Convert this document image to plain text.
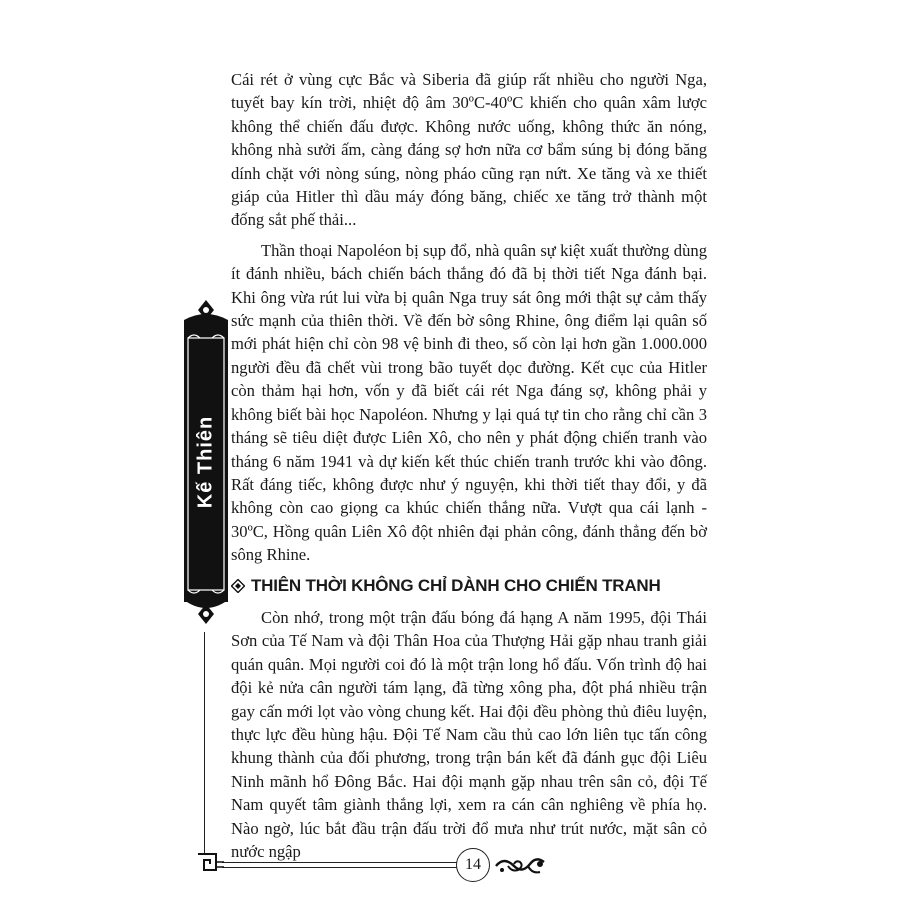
Kế Thiên

Cái rét ở vùng cực Bắc và Siberia đã giúp rất nhiều cho người Nga, tuyết bay kín trời, nhiệt độ âm 30ºC-40ºC khiến cho quân xâm lược không thể chiến đấu được. Không nước uống, không thức ăn nóng, không nhà sưởi ấm, càng đáng sợ hơn nữa cơ bẩm súng bị đóng băng dính chặt với nòng súng, nòng pháo cũng rạn nứt. Xe tăng và xe thiết giáp của Hitler thì dầu máy đóng băng, chiếc xe tăng trở thành một đống sắt phế thải...

Thần thoại Napoléon bị sụp đổ, nhà quân sự kiệt xuất thường dùng ít đánh nhiều, bách chiến bách thắng đó đã bị thời tiết Nga đánh bại. Khi ông vừa rút lui vừa bị quân Nga truy sát ông mới thật sự cảm thấy sức mạnh của thiên thời. Về đến bờ sông Rhine, ông điểm lại quân số mới phát hiện chỉ còn 98 vệ binh đi theo, số còn lại hơn gần 1.000.000 người đều đã chết vùi trong bão tuyết dọc đường. Kết cục của Hitler còn thảm hại hơn, vốn y đã biết cái rét Nga đáng sợ, không phải y không biết bài học Napoléon. Nhưng y lại quá tự tin cho rằng chỉ cần 3 tháng sẽ tiêu diệt được Liên Xô, cho nên y phát động chiến tranh vào tháng 6 năm 1941 và dự kiến kết thúc chiến tranh trước khi vào đông. Rất đáng tiếc, không được như ý nguyện, khi thời tiết thay đổi, y đã không còn cao giọng ca khúc chiến thắng nữa. Vượt qua cái lạnh - 30ºC, Hồng quân Liên Xô đột nhiên đại phản công, đánh thẳng đến bờ sông Rhine.

THIÊN THỜI KHÔNG CHỈ DÀNH CHO CHIẾN TRANH

Còn nhớ, trong một trận đấu bóng đá hạng A năm 1995, đội Thái Sơn của Tế Nam và đội Thân Hoa của Thượng Hải gặp nhau tranh giải quán quân. Mọi người coi đó là một trận long hổ đấu. Vốn trình độ hai đội kẻ nửa cân người tám lạng, đã từng xông pha, đột phá nhiều trận gay cấn mới lọt vào vòng chung kết. Hai đội đều phòng thủ điêu luyện, thực lực đều hùng hậu. Đội Tế Nam cầu thủ cao lớn liên tục tấn công khung thành của đối phương, trong trận bán kết đã đánh gục đội Liêu Ninh mãnh hổ Đông Bắc. Hai đội mạnh gặp nhau trên sân cỏ, đội Tế Nam quyết tâm giành thắng lợi, xem ra cán cân nghiêng về phía họ. Nào ngờ, lúc bắt đầu trận đấu trời đổ mưa như trút nước, mặt sân cỏ nước ngập

14
